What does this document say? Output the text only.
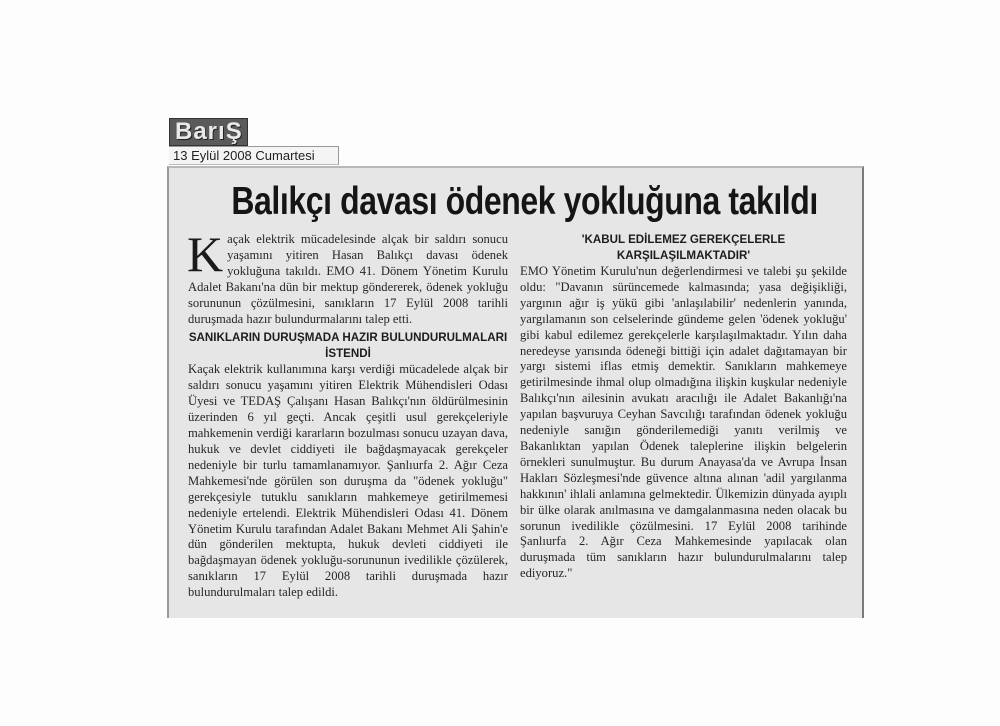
BarıŞ
13 Eylül 2008 Cumartesi
Balıkçı davası ödenek yokluğuna takıldı

Kaçak elektrik mücadelesinde alçak bir saldırı sonucu yaşamını yitiren Hasan Balıkçı davası ödenek yokluğuna takıldı. EMO 41. Dönem Yönetim Kurulu Adalet Bakanı'na dün bir mektup göndererek, ödenek yokluğu sorununun çözülmesini, sanıkların 17 Eylül 2008 tarihli duruşmada hazır bulundurmalarını talep etti.

SANIKLARIN DURUŞMADA HAZIR BULUNDURULMALARI İSTENDİ

Kaçak elektrik kullanımına karşı verdiği mücadelede alçak bir saldırı sonucu yaşamını yitiren Elektrik Mühendisleri Odası Üyesi ve TEDAŞ Çalışanı Hasan Balıkçı'nın öldürülmesinin üzerinden 6 yıl geçti. Ancak çeşitli usul gerekçeleriyle mahkemenin verdiği kararların bozulması sonucu uzayan dava, hukuk ve devlet ciddiyeti ile bağdaşmayacak gerekçeler nedeniyle bir turlu tamamlanamıyor. Şanlıurfa 2. Ağır Ceza Mahkemesi'nde görülen son duruşma da "ödenek yokluğu" gerekçesiyle tutuklu sanıkların mahkemeye getirilmemesi nedeniyle ertelendi. Elektrik Mühendisleri Odası 41. Dönem Yönetim Kurulu tarafından Adalet Bakanı Mehmet Ali Şahin'e dün gönderilen mektupta, hukuk devleti ciddiyeti ile bağdaşmayan ödenek yokluğu-sorununun ivedilikle çözülerek, sanıkların 17 Eylül 2008 tarihli duruşmada hazır bulundurulmaları talep edildi.

'KABUL EDİLEMEZ GEREKÇELERLE KARŞILAŞILMAKTADIR'

EMO Yönetim Kurulu'nun değerlendirmesi ve talebi şu şekilde oldu: "Davanın sürüncemede kalmasında; yasa değişikliği, yargının ağır iş yükü gibi 'anlaşılabilir' nedenlerin yanında, yargılamanın son celselerinde gündeme gelen 'ödenek yokluğu' gibi kabul edilemez gerekçelerle karşılaşılmaktadır. Yılın daha neredeyse yarısında ödeneği bittiği için adalet dağıtamayan bir yargı sistemi iflas etmiş demektir. Sanıkların mahkemeye getirilmesinde ihmal olup olmadığına ilişkin kuşkular nedeniyle Balıkçı'nın ailesinin avukatı aracılığı ile Adalet Bakanlığı'na yapılan başvuruya Ceyhan Savcılığı tarafından ödenek yokluğu nedeniyle sanığın gönderilemediği yanıtı verilmiş ve Bakanlıktan yapılan Ödenek taleplerine ilişkin belgelerin örnekleri sunulmuştur. Bu durum Anayasa'da ve Avrupa İnsan Hakları Sözleşmesi'nde güvence altına alınan 'adil yargılanma hakkının' ihlali anlamına gelmektedir. Ülkemizin dünyada ayıplı bir ülke olarak anılmasına ve damgalanmasına neden olacak bu sorunun ivedilikle çözülmesini. 17 Eylül 2008 tarihinde Şanlıurfa 2. Ağır Ceza Mahkemesinde yapılacak olan duruşmada tüm sanıkların hazır bulundurulmalarını talep ediyoruz."
